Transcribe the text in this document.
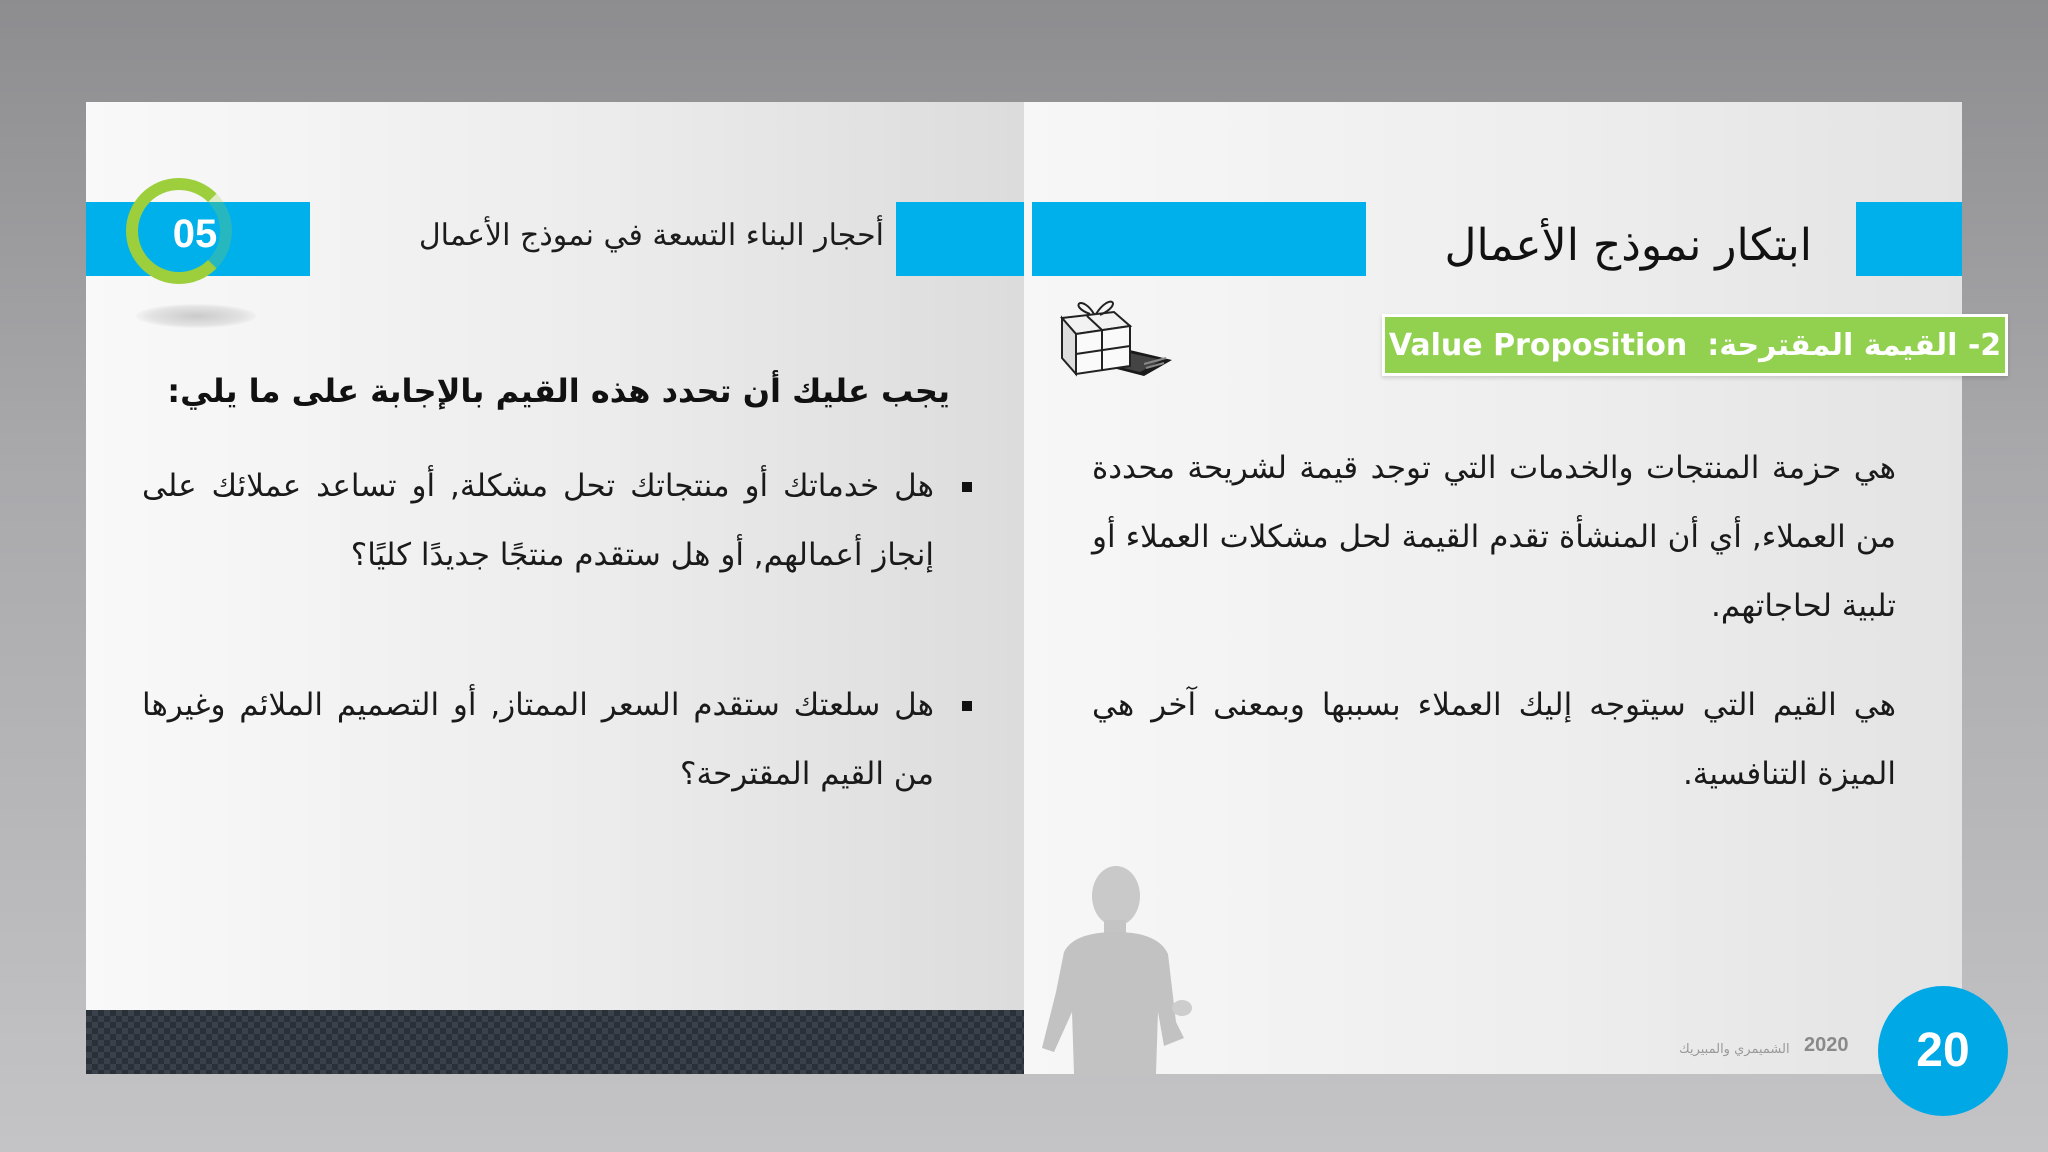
05	أحجار البناء التسعة في نموذج الأعمال
يجب عليك أن تحدد هذه القيم بالإجابة على ما يلي:
هل خدماتك أو منتجاتك تحل مشكلة, أو تساعد عملائك على إنجاز أعمالهم, أو هل ستقدم منتجًا جديدًا كليًا؟
هل سلعتك ستقدم السعر الممتاز, أو التصميم الملائم وغيرها من القيم المقترحة؟
ابتكار نموذج الأعمال
Value Proposition 2- القيمة المقترحة:
هي حزمة المنتجات والخدمات التي توجد قيمة لشريحة محددة من العملاء, أي أن المنشأة تقدم القيمة لحل مشكلات العملاء أو تلبية لحاجاتهم.
هي القيم التي سيتوجه إليك العملاء بسببها وبمعنى آخر هي الميزة التنافسية.
الشميمري والمبيريك 2020	20
